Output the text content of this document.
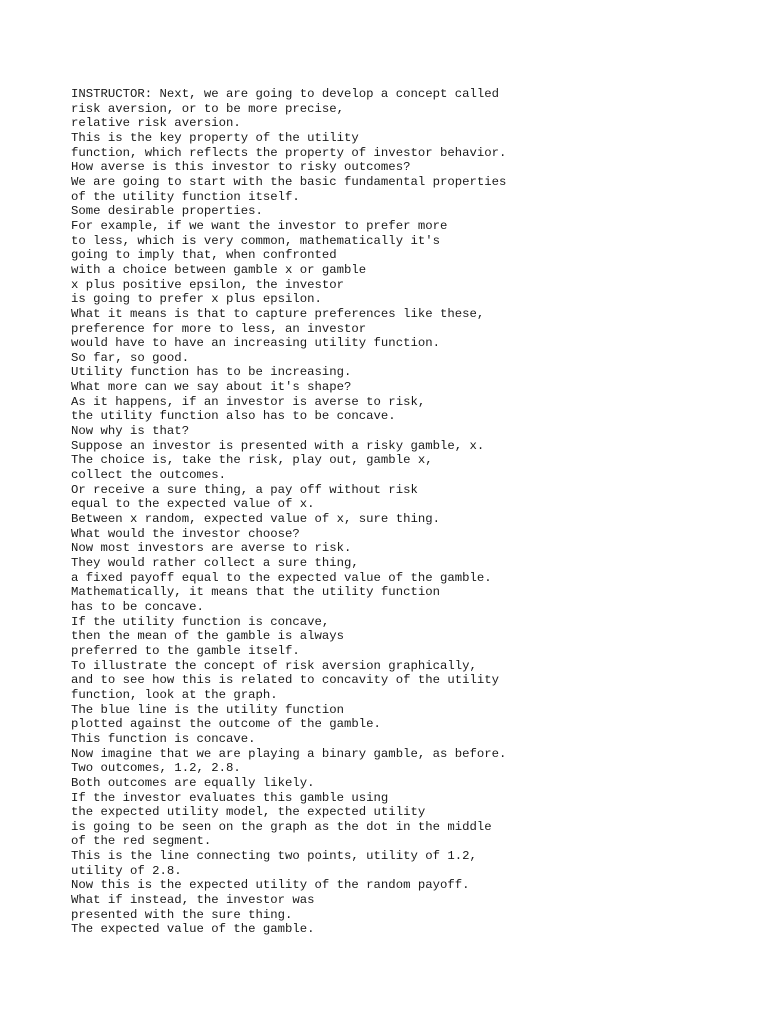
INSTRUCTOR: Next, we are going to develop a concept called
risk aversion, or to be more precise,
relative risk aversion.
This is the key property of the utility
function, which reflects the property of investor behavior.
How averse is this investor to risky outcomes?
We are going to start with the basic fundamental properties
of the utility function itself.
Some desirable properties.
For example, if we want the investor to prefer more
to less, which is very common, mathematically it's
going to imply that, when confronted
with a choice between gamble x or gamble
x plus positive epsilon, the investor
is going to prefer x plus epsilon.
What it means is that to capture preferences like these,
preference for more to less, an investor
would have to have an increasing utility function.
So far, so good.
Utility function has to be increasing.
What more can we say about it's shape?
As it happens, if an investor is averse to risk,
the utility function also has to be concave.
Now why is that?
Suppose an investor is presented with a risky gamble, x.
The choice is, take the risk, play out, gamble x,
collect the outcomes.
Or receive a sure thing, a pay off without risk
equal to the expected value of x.
Between x random, expected value of x, sure thing.
What would the investor choose?
Now most investors are averse to risk.
They would rather collect a sure thing,
a fixed payoff equal to the expected value of the gamble.
Mathematically, it means that the utility function
has to be concave.
If the utility function is concave,
then the mean of the gamble is always
preferred to the gamble itself.
To illustrate the concept of risk aversion graphically,
and to see how this is related to concavity of the utility
function, look at the graph.
The blue line is the utility function
plotted against the outcome of the gamble.
This function is concave.
Now imagine that we are playing a binary gamble, as before.
Two outcomes, 1.2, 2.8.
Both outcomes are equally likely.
If the investor evaluates this gamble using
the expected utility model, the expected utility
is going to be seen on the graph as the dot in the middle
of the red segment.
This is the line connecting two points, utility of 1.2,
utility of 2.8.
Now this is the expected utility of the random payoff.
What if instead, the investor was
presented with the sure thing.
The expected value of the gamble.
